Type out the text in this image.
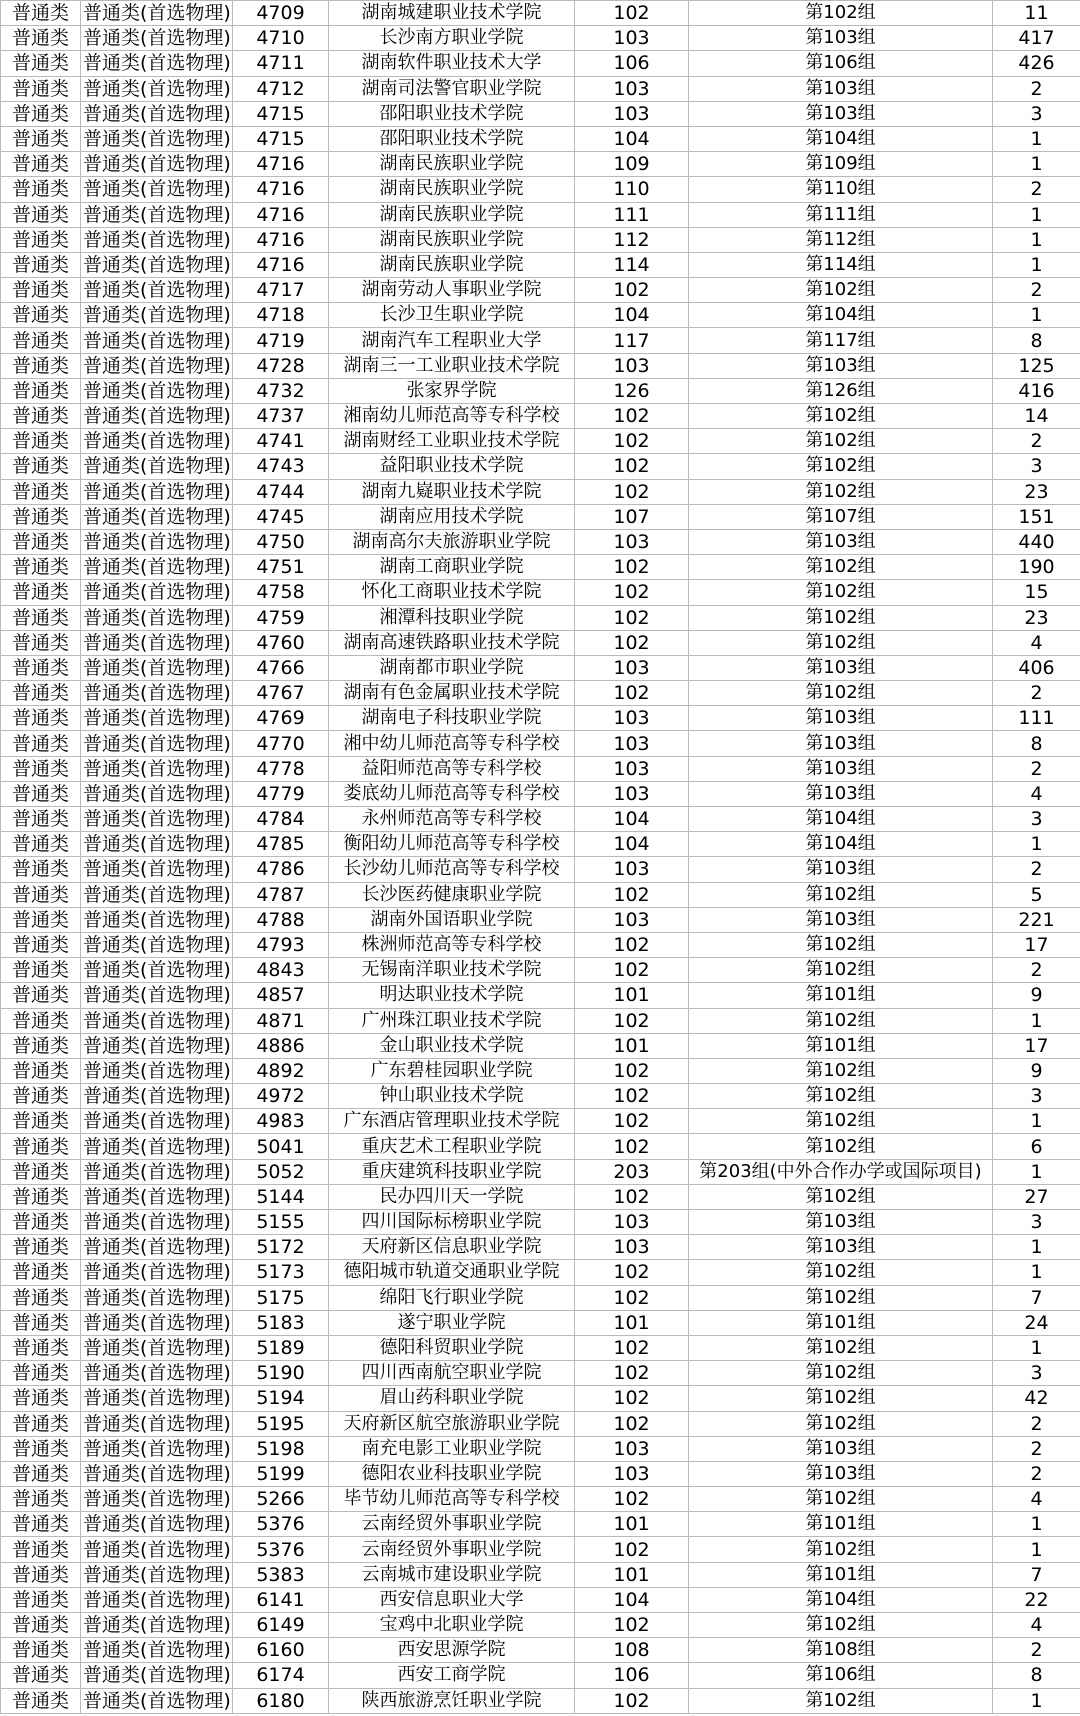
普通类	普通类(首选物理)	4709	湖南城建职业技术学院	102	第102组	11
普通类	普通类(首选物理)	4710	长沙南方职业学院	103	第103组	417
普通类	普通类(首选物理)	4711	湖南软件职业技术大学	106	第106组	426
普通类	普通类(首选物理)	4712	湖南司法警官职业学院	103	第103组	2
普通类	普通类(首选物理)	4715	邵阳职业技术学院	103	第103组	3
普通类	普通类(首选物理)	4715	邵阳职业技术学院	104	第104组	1
普通类	普通类(首选物理)	4716	湖南民族职业学院	109	第109组	1
普通类	普通类(首选物理)	4716	湖南民族职业学院	110	第110组	2
普通类	普通类(首选物理)	4716	湖南民族职业学院	111	第111组	1
普通类	普通类(首选物理)	4716	湖南民族职业学院	112	第112组	1
普通类	普通类(首选物理)	4716	湖南民族职业学院	114	第114组	1
普通类	普通类(首选物理)	4717	湖南劳动人事职业学院	102	第102组	2
普通类	普通类(首选物理)	4718	长沙卫生职业学院	104	第104组	1
普通类	普通类(首选物理)	4719	湖南汽车工程职业大学	117	第117组	8
普通类	普通类(首选物理)	4728	湖南三一工业职业技术学院	103	第103组	125
普通类	普通类(首选物理)	4732	张家界学院	126	第126组	416
普通类	普通类(首选物理)	4737	湘南幼儿师范高等专科学校	102	第102组	14
普通类	普通类(首选物理)	4741	湖南财经工业职业技术学院	102	第102组	2
普通类	普通类(首选物理)	4743	益阳职业技术学院	102	第102组	3
普通类	普通类(首选物理)	4744	湖南九嶷职业技术学院	102	第102组	23
普通类	普通类(首选物理)	4745	湖南应用技术学院	107	第107组	151
普通类	普通类(首选物理)	4750	湖南高尔夫旅游职业学院	103	第103组	440
普通类	普通类(首选物理)	4751	湖南工商职业学院	102	第102组	190
普通类	普通类(首选物理)	4758	怀化工商职业技术学院	102	第102组	15
普通类	普通类(首选物理)	4759	湘潭科技职业学院	102	第102组	23
普通类	普通类(首选物理)	4760	湖南高速铁路职业技术学院	102	第102组	4
普通类	普通类(首选物理)	4766	湖南都市职业学院	103	第103组	406
普通类	普通类(首选物理)	4767	湖南有色金属职业技术学院	102	第102组	2
普通类	普通类(首选物理)	4769	湖南电子科技职业学院	103	第103组	111
普通类	普通类(首选物理)	4770	湘中幼儿师范高等专科学校	103	第103组	8
普通类	普通类(首选物理)	4778	益阳师范高等专科学校	103	第103组	2
普通类	普通类(首选物理)	4779	娄底幼儿师范高等专科学校	103	第103组	4
普通类	普通类(首选物理)	4784	永州师范高等专科学校	104	第104组	3
普通类	普通类(首选物理)	4785	衡阳幼儿师范高等专科学校	104	第104组	1
普通类	普通类(首选物理)	4786	长沙幼儿师范高等专科学校	103	第103组	2
普通类	普通类(首选物理)	4787	长沙医药健康职业学院	102	第102组	5
普通类	普通类(首选物理)	4788	湖南外国语职业学院	103	第103组	221
普通类	普通类(首选物理)	4793	株洲师范高等专科学校	102	第102组	17
普通类	普通类(首选物理)	4843	无锡南洋职业技术学院	102	第102组	2
普通类	普通类(首选物理)	4857	明达职业技术学院	101	第101组	9
普通类	普通类(首选物理)	4871	广州珠江职业技术学院	102	第102组	1
普通类	普通类(首选物理)	4886	金山职业技术学院	101	第101组	17
普通类	普通类(首选物理)	4892	广东碧桂园职业学院	102	第102组	9
普通类	普通类(首选物理)	4972	钟山职业技术学院	102	第102组	3
普通类	普通类(首选物理)	4983	广东酒店管理职业技术学院	102	第102组	1
普通类	普通类(首选物理)	5041	重庆艺术工程职业学院	102	第102组	6
普通类	普通类(首选物理)	5052	重庆建筑科技职业学院	203	第203组(中外合作办学或国际项目)	1
普通类	普通类(首选物理)	5144	民办四川天一学院	102	第102组	27
普通类	普通类(首选物理)	5155	四川国际标榜职业学院	103	第103组	3
普通类	普通类(首选物理)	5172	天府新区信息职业学院	103	第103组	1
普通类	普通类(首选物理)	5173	德阳城市轨道交通职业学院	102	第102组	1
普通类	普通类(首选物理)	5175	绵阳飞行职业学院	102	第102组	7
普通类	普通类(首选物理)	5183	遂宁职业学院	101	第101组	24
普通类	普通类(首选物理)	5189	德阳科贸职业学院	102	第102组	1
普通类	普通类(首选物理)	5190	四川西南航空职业学院	102	第102组	3
普通类	普通类(首选物理)	5194	眉山药科职业学院	102	第102组	42
普通类	普通类(首选物理)	5195	天府新区航空旅游职业学院	102	第102组	2
普通类	普通类(首选物理)	5198	南充电影工业职业学院	103	第103组	2
普通类	普通类(首选物理)	5199	德阳农业科技职业学院	103	第103组	2
普通类	普通类(首选物理)	5266	毕节幼儿师范高等专科学校	102	第102组	4
普通类	普通类(首选物理)	5376	云南经贸外事职业学院	101	第101组	1
普通类	普通类(首选物理)	5376	云南经贸外事职业学院	102	第102组	1
普通类	普通类(首选物理)	5383	云南城市建设职业学院	101	第101组	7
普通类	普通类(首选物理)	6141	西安信息职业大学	104	第104组	22
普通类	普通类(首选物理)	6149	宝鸡中北职业学院	102	第102组	4
普通类	普通类(首选物理)	6160	西安思源学院	108	第108组	2
普通类	普通类(首选物理)	6174	西安工商学院	106	第106组	8
普通类	普通类(首选物理)	6180	陕西旅游烹饪职业学院	102	第102组	1
